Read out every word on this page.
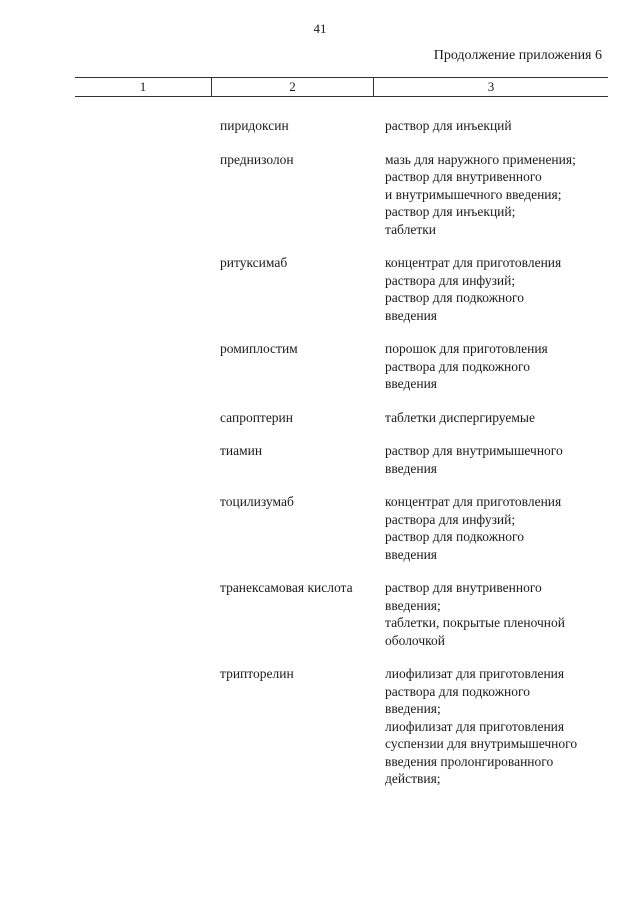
41
Продолжение приложения 6
1	2	3
пиридоксин	раствор для инъекций
преднизолон	мазь для наружного применения;
раствор для внутривенного
и внутримышечного введения;
раствор для инъекций;
таблетки
ритуксимаб	концентрат для приготовления
раствора для инфузий;
раствор для подкожного
введения
ромиплостим	порошок для приготовления
раствора для подкожного
введения
сапроптерин	таблетки диспергируемые
тиамин	раствор для внутримышечного
введения
тоцилизумаб	концентрат для приготовления
раствора для инфузий;
раствор для подкожного
введения
транексамовая кислота	раствор для внутривенного
введения;
таблетки, покрытые пленочной
оболочкой
трипторелин	лиофилизат для приготовления
раствора для подкожного
введения;
лиофилизат для приготовления
суспензии для внутримышечного
введения пролонгированного
действия;
